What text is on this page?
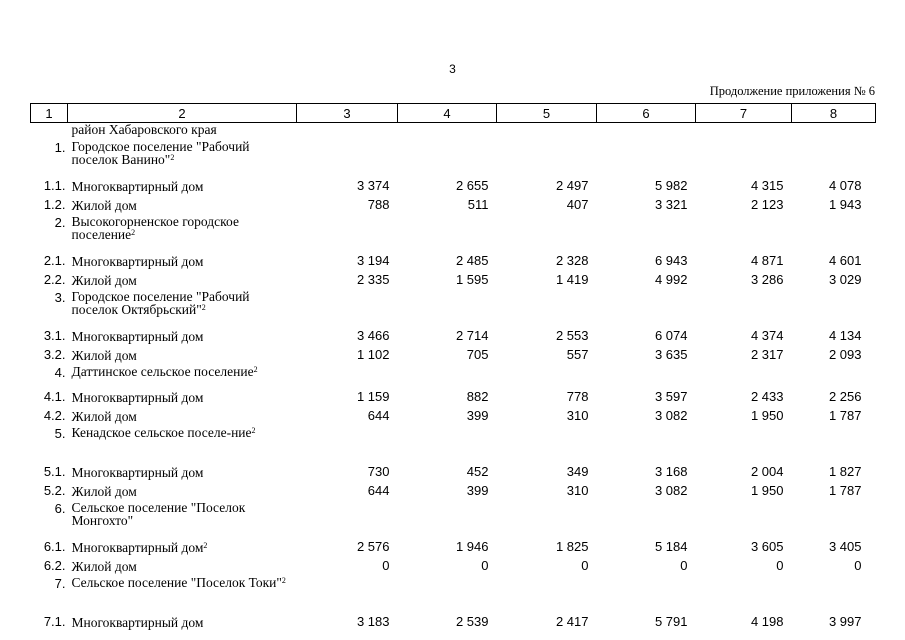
3
Продолжение приложения № 6
1	2	3	4	5	6	7	8
	район Хабаровского края						
1.	Городское поселение "Рабочий поселок Ванино"$^2$	
1.1.	Многоквартирный дом	3 374	2 655	2 497	5 982	4 315	4 078
1.2.	Жилой дом	788	511	407	3 321	2 123	1 943
2.	Высокогорненское городское поселение$^2$	
2.1.	Многоквартирный дом	3 194	2 485	2 328	6 943	4 871	4 601
2.2.	Жилой дом	2 335	1 595	1 419	4 992	3 286	3 029
3.	Городское поселение "Рабочий поселок Октябрьский"$^2$	
3.1.	Многоквартирный дом	3 466	2 714	2 553	6 074	4 374	4 134
3.2.	Жилой дом	1 102	705	557	3 635	2 317	2 093
4.	Даттинское сельское поселение$^2$	
4.1.	Многоквартирный дом	1 159	882	778	3 597	2 433	2 256
4.2.	Жилой дом	644	399	310	3 082	1 950	1 787
5.	Кенадское сельское поселе-ние$^2$	
5.1.	Многоквартирный дом	730	452	349	3 168	2 004	1 827
5.2.	Жилой дом	644	399	310	3 082	1 950	1 787
6.	Сельское поселение "Поселок Монгохто"						
6.1.	Многоквартирный дом$^2$	2 576	1 946	1 825	5 184	3 605	3 405
6.2.	Жилой дом	0	0	0	0	0	0
7.	Сельское поселение "Поселок Токи"$^2$	
7.1.	Многоквартирный дом	3 183	2 539	2 417	5 791	4 198	3 997
